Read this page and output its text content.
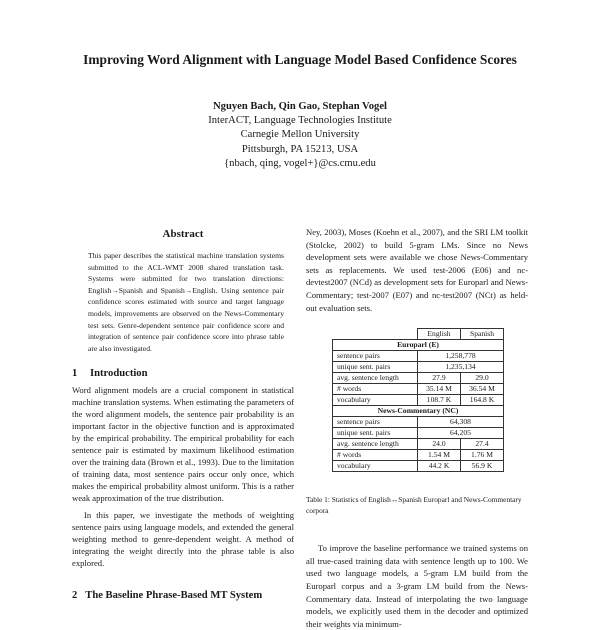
Improving Word Alignment with Language Model Based Confidence Scores
Nguyen Bach, Qin Gao, Stephan Vogel
InterACT, Language Technologies Institute
Carnegie Mellon University
Pittsburgh, PA 15213, USA
{nbach, qing, vogel+}@cs.cmu.edu
Abstract

This paper describes the statistical machine translation systems submitted to the ACL-WMT 2008 shared translation task. Systems were submitted for two translation directions: English→Spanish and Spanish→English. Using sentence pair confidence scores estimated with source and target language models, improvements are observed on the News-Commentary test sets. Genre-dependent sentence pair confidence score and integration of sentence pair confidence score into phrase table are also investigated.

1 Introduction

Word alignment models are a crucial component in statistical machine translation systems. When estimating the parameters of the word alignment models, the sentence pair probability is an important factor in the objective function and is approximated by the empirical probability. The empirical probability for each sentence pair is estimated by maximum likelihood estimation over the training data (Brown et al., 1993). Due to the limitation of training data, most sentence pairs occur only once, which makes the empirical probability almost uniform. This is a rather weak approximation of the true distribution.

In this paper, we investigate the methods of weighting sentence pairs using language models, and extended the general weighting method to genre-dependent weight. A method of integrating the weight directly into the phrase table is also explored.

Ney, 2003), Moses (Koehn et al., 2007), and the SRI LM toolkit (Stolcke, 2002) to build 5-gram LMs. Since no News development sets were available we chose News-Commentary sets as replacements. We used test-2006 (E06) and nc-devtest2007 (NCd) as development sets for Europarl and News-Commentary; test-2007 (E07) and nc-test2007 (NCt) as held-out evaluation sets.

	English	Spanish
Europarl (E)		
sentence pairs	1,258,778	
unique sent. pairs	1,235,134	
avg. sentence length	27.9	29.0
# words	35.14 M	36.54 M
vocabulary	108.7 K	164.8 K
News-Commentary (NC)		
sentence pairs	64,308	
unique sent. pairs	64,205	
avg. sentence length	24.0	27.4
# words	1.54 M	1.76 M
vocabulary	44.2 K	56.9 K
Table 1: Statistics of English↔Spanish Europarl and News-Commentary corpora

To improve the baseline performance we trained systems on all true-cased training data with sentence length up to 100. We used two language models, a 5-gram LM build from the Europarl corpus and a 3-gram LM build from the News-Commentary data. Instead of interpolating the two language models, we explicitly used them in the decoder and optimized their weights via minimum-

2 The Baseline Phrase-Based MT System
